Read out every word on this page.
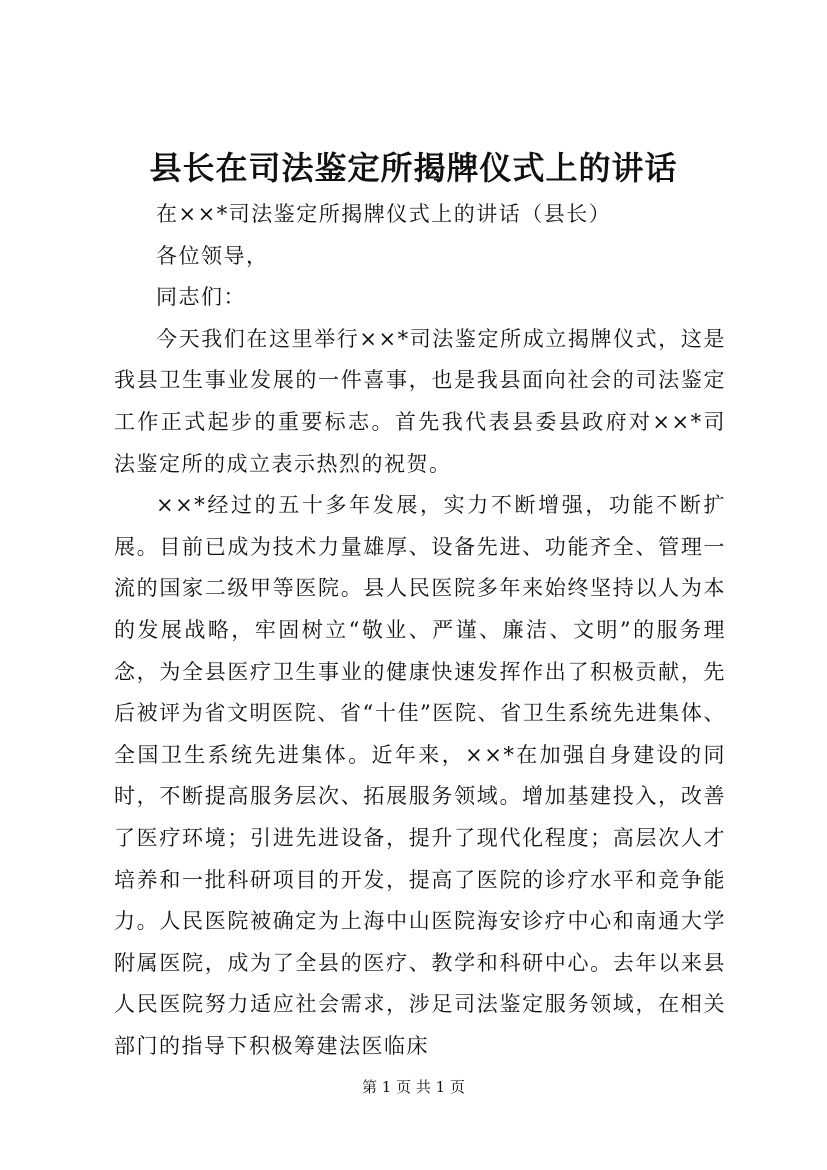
县长在司法鉴定所揭牌仪式上的讲话

在××*司法鉴定所揭牌仪式上的讲话（县长）

各位领导，

同志们：

今天我们在这里举行××*司法鉴定所成立揭牌仪式，这是我县卫生事业发展的一件喜事，也是我县面向社会的司法鉴定工作正式起步的重要标志。首先我代表县委县政府对××*司法鉴定所的成立表示热烈的祝贺。

××*经过的五十多年发展，实力不断增强，功能不断扩展。目前已成为技术力量雄厚、设备先进、功能齐全、管理一流的国家二级甲等医院。县人民医院多年来始终坚持以人为本的发展战略，牢固树立“敬业、严谨、廉洁、文明”的服务理念，为全县医疗卫生事业的健康快速发挥作出了积极贡献，先后被评为省文明医院、省“十佳”医院、省卫生系统先进集体、全国卫生系统先进集体。近年来，××*在加强自身建设的同时，不断提高服务层次、拓展服务领域。增加基建投入，改善了医疗环境；引进先进设备，提升了现代化程度；高层次人才培养和一批科研项目的开发，提高了医院的诊疗水平和竞争能力。人民医院被确定为上海中山医院海安诊疗中心和南通大学附属医院，成为了全县的医疗、教学和科研中心。去年以来县人民医院努力适应社会需求，涉足司法鉴定服务领域，在相关部门的指导下积极筹建法医临床

第 1 页 共 1 页
